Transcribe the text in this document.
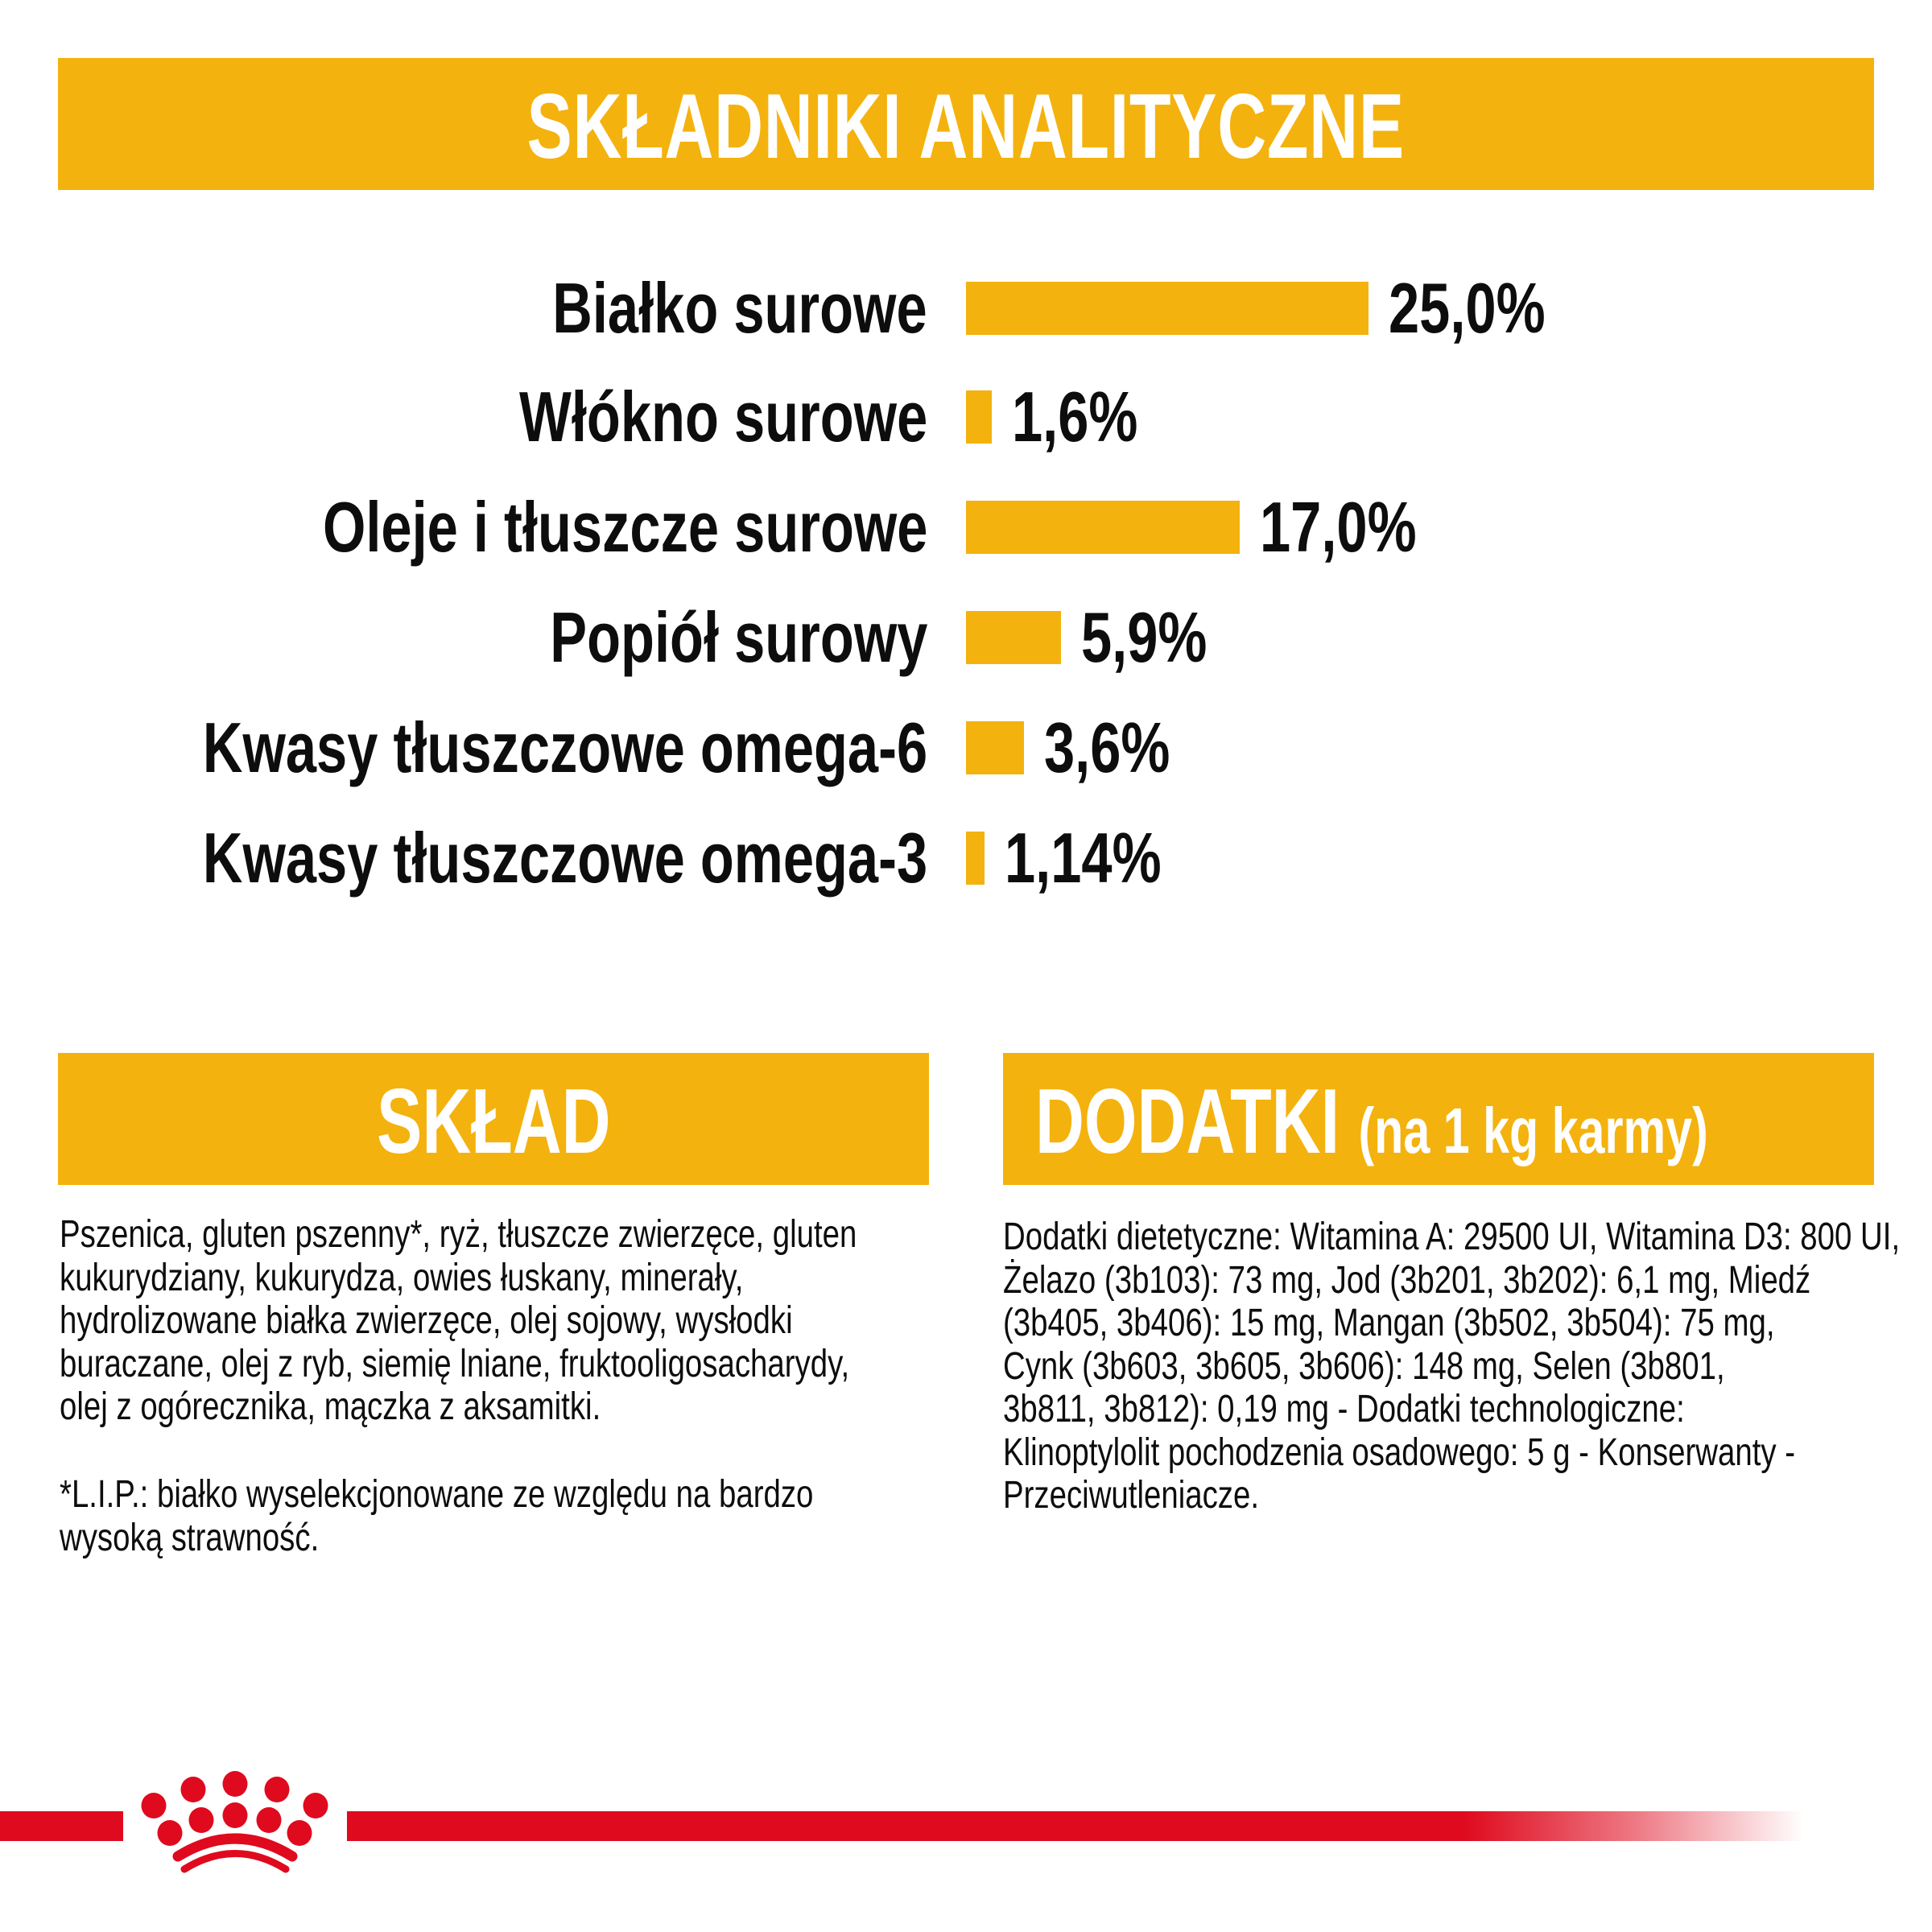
SKŁADNIKI ANALITYCZNE
Białko surowe	25,0%
Włókno surowe 1,6%
Oleje i tłuszcze surowe	17,0%
Popiół surowy 5,9%
Kwasy tłuszczowe omega-6 3,6%
Kwasy tłuszczowe omega-3 1,14%
SKŁAD	DODATKI (na 1 kg karmy)
Pszenica, gluten pszenny*, ryż, tłuszcze zwierzęce, gluten
kukurydziany, kukurydza, owies łuskany, minerały,
hydrolizowane białka zwierzęce, olej sojowy, wysłodki
buraczane, olej z ryb, siemię lniane, fruktooligosacharydy,
olej z ogórecznika, mączka z aksamitki.
*L.I.P.: białko wyselekcjonowane ze względu na bardzo
wysoką strawność.
Dodatki dietetyczne: Witamina A: 29500 UI, Witamina D3: 800 UI,
Żelazo (3b103): 73 mg, Jod (3b201, 3b202): 6,1 mg, Miedź
(3b405, 3b406): 15 mg, Mangan (3b502, 3b504): 75 mg,
Cynk (3b603, 3b605, 3b606): 148 mg, Selen (3b801,
3b811, 3b812): 0,19 mg - Dodatki technologiczne:
Klinoptylolit pochodzenia osadowego: 5 g - Konserwanty -
Przeciwutleniacze.
